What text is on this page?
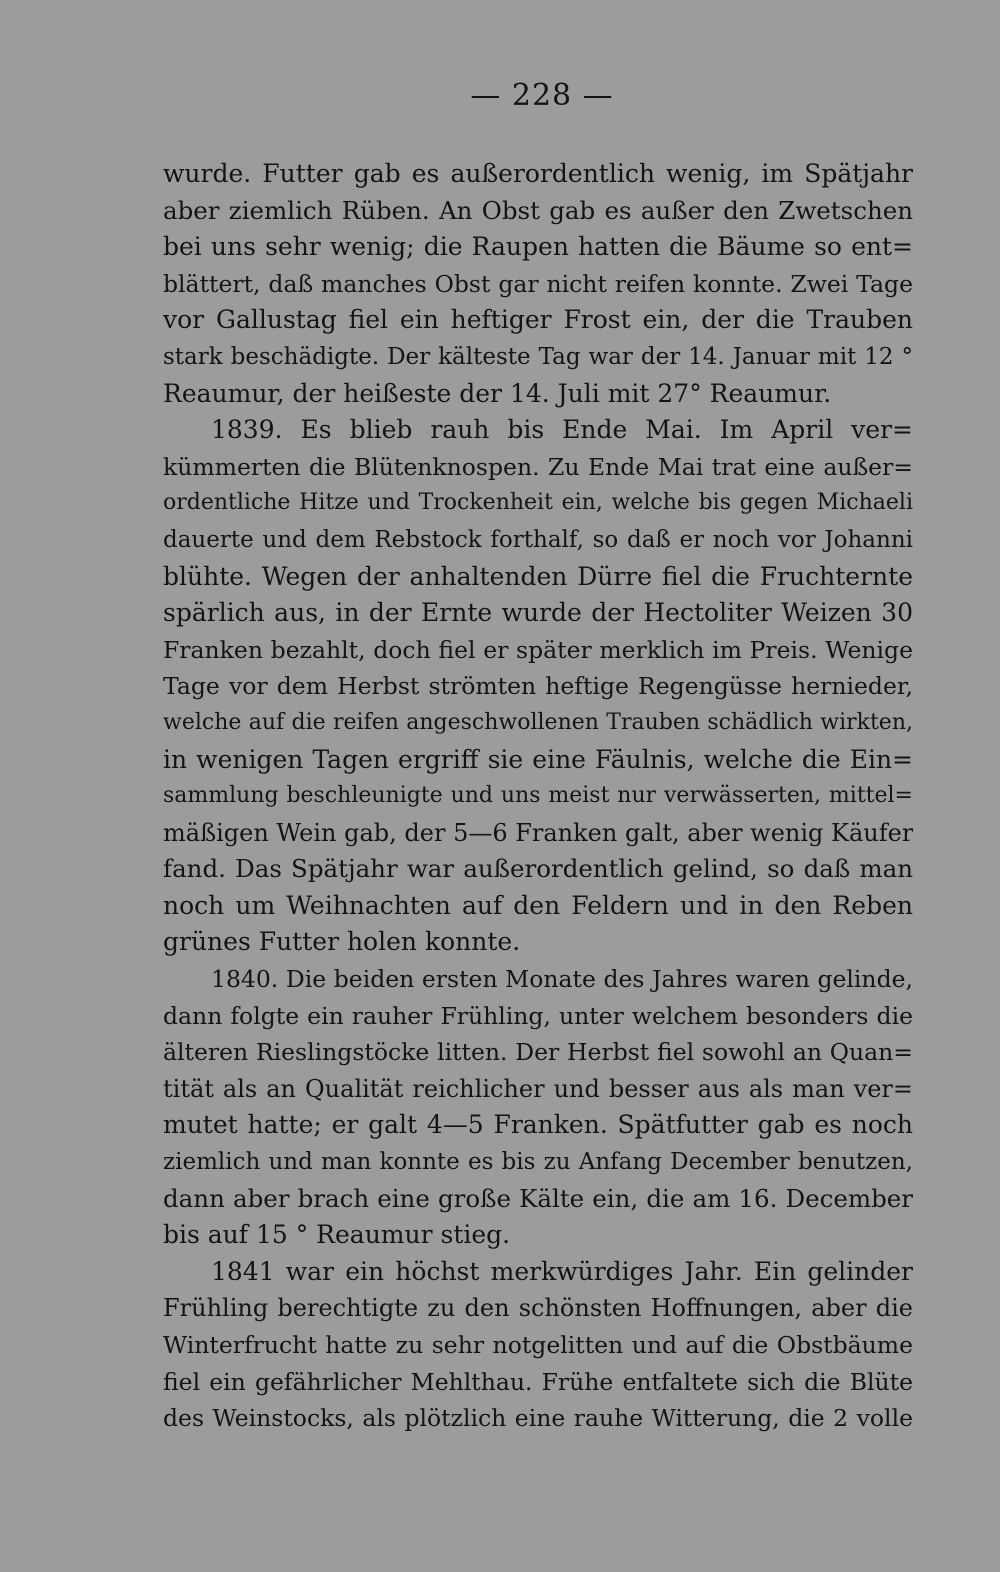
— 228 —
wurde. Futter gab es außerordentlich wenig, im Spätjahr
aber ziemlich Rüben. An Obst gab es außer den Zwetschen
bei uns sehr wenig; die Raupen hatten die Bäume so ent=
blättert, daß manches Obst gar nicht reifen konnte. Zwei Tage
vor Gallustag fiel ein heftiger Frost ein, der die Trauben
stark beschädigte. Der kälteste Tag war der 14. Januar mit 12 °
Reaumur, der heißeste der 14. Juli mit 27° Reaumur.
1839. Es blieb rauh bis Ende Mai. Im April ver=
kümmerten die Blütenknospen. Zu Ende Mai trat eine außer=
ordentliche Hitze und Trockenheit ein, welche bis gegen Michaeli
dauerte und dem Rebstock forthalf, so daß er noch vor Johanni
blühte. Wegen der anhaltenden Dürre fiel die Fruchternte
spärlich aus, in der Ernte wurde der Hectoliter Weizen 30
Franken bezahlt, doch fiel er später merklich im Preis. Wenige
Tage vor dem Herbst strömten heftige Regengüsse hernieder,
welche auf die reifen angeschwollenen Trauben schädlich wirkten,
in wenigen Tagen ergriff sie eine Fäulnis, welche die Ein=
sammlung beschleunigte und uns meist nur verwässerten, mittel=
mäßigen Wein gab, der 5—6 Franken galt, aber wenig Käufer
fand. Das Spätjahr war außerordentlich gelind, so daß man
noch um Weihnachten auf den Feldern und in den Reben
grünes Futter holen konnte.
1840. Die beiden ersten Monate des Jahres waren gelinde,
dann folgte ein rauher Frühling, unter welchem besonders die
älteren Rieslingstöcke litten. Der Herbst fiel sowohl an Quan=
tität als an Qualität reichlicher und besser aus als man ver=
mutet hatte; er galt 4—5 Franken. Spätfutter gab es noch
ziemlich und man konnte es bis zu Anfang December benutzen,
dann aber brach eine große Kälte ein, die am 16. December
bis auf 15 ° Reaumur stieg.
1841 war ein höchst merkwürdiges Jahr. Ein gelinder
Frühling berechtigte zu den schönsten Hoffnungen, aber die
Winterfrucht hatte zu sehr notgelitten und auf die Obstbäume
fiel ein gefährlicher Mehlthau. Frühe entfaltete sich die Blüte
des Weinstocks, als plötzlich eine rauhe Witterung, die 2 volle
